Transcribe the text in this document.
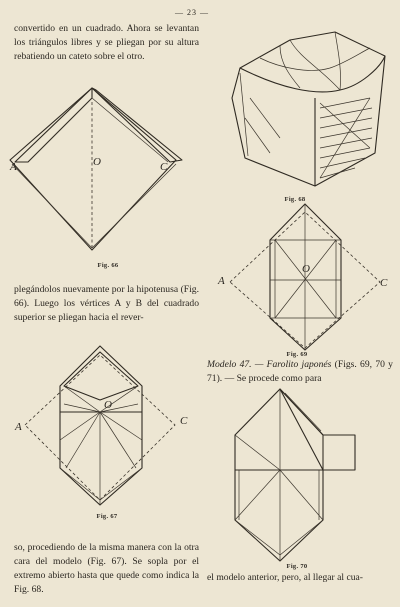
— 23 —

convertido en un cuadrado. Ahora se levantan los triángulos libres y se pliegan por su altura rebatiendo un cateto sobre el otro.

A	O	C
Fig. 66

plegándolos nuevamente por la hipotenusa (Fig. 66). Luego los vértices A y B del cuadrado superior se pliegan hacia el rever-

A
O
C
Fig. 67

so, procediendo de la misma manera con la otra cara del modelo (Fig. 67). Se sopla por el extremo abierto hasta que quede como indica la Fig. 68.

Fig. 68
A
O
C
Fig. 69

Modelo 47. — Farolito japonés (Figs. 69, 70 y 71). — Se procede como para

Fig. 70

el modelo anterior, pero, al llegar al cua-
